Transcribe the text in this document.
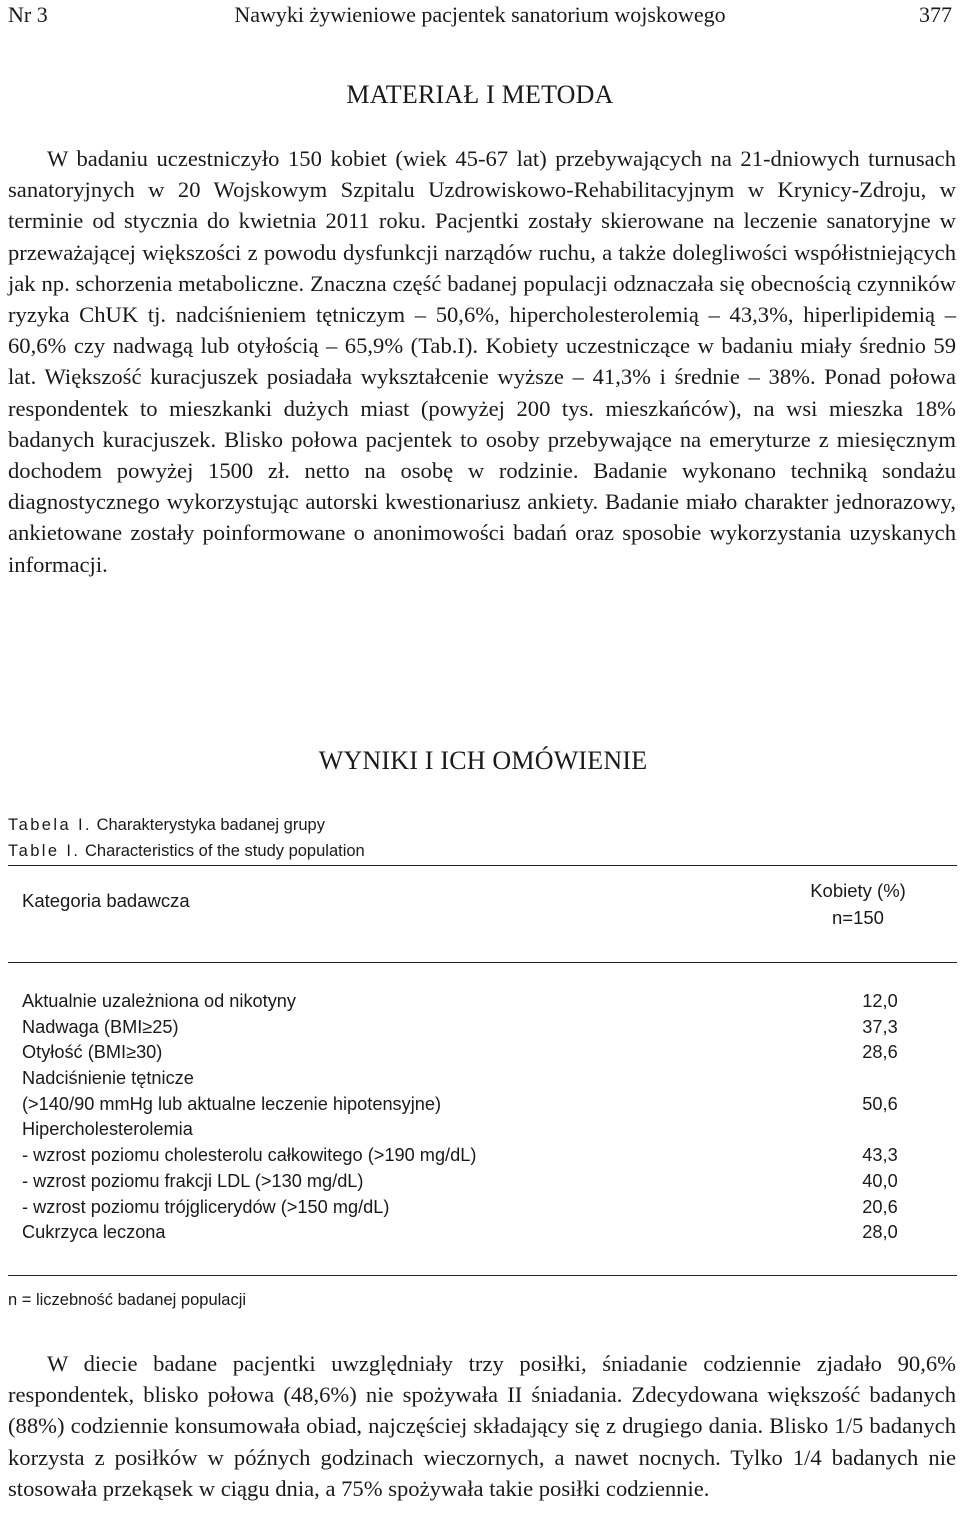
Nr 3	Nawyki żywieniowe pacjentek sanatorium wojskowego	377
MATERIAŁ I METODA

W badaniu uczestniczyło 150 kobiet (wiek 45-67 lat) przebywających na 21-dniowych turnusach sanatoryjnych w 20 Wojskowym Szpitalu Uzdrowiskowo-Rehabilitacyjnym w Krynicy-Zdroju, w terminie od stycznia do kwietnia 2011 roku. Pacjentki zostały skierowane na leczenie sanatoryjne w przeważającej większości z powodu dysfunkcji narządów ruchu, a także dolegliwości współistniejących jak np. schorzenia metaboliczne. Znaczna część badanej populacji odznaczała się obecnością czynników ryzyka ChUK tj. nadciśnieniem tętniczym – 50,6%, hipercholesterolemią – 43,3%, hiperlipidemią – 60,6% czy nadwagą lub otyłością – 65,9% (Tab.I). Kobiety uczestniczące w badaniu miały średnio 59 lat. Większość kuracjuszek posiadała wykształcenie wyższe – 41,3% i średnie – 38%. Ponad połowa respondentek to mieszkanki dużych miast (powyżej 200 tys. mieszkańców), na wsi mieszka 18% badanych kuracjuszek. Blisko połowa pacjentek to osoby przebywające na emeryturze z miesięcznym dochodem powyżej 1500 zł. netto na osobę w rodzinie. Badanie wykonano techniką sondażu diagnostycznego wykorzystując autorski kwestionariusz ankiety. Badanie miało charakter jednorazowy, ankietowane zostały poinformowane o anonimowości badań oraz sposobie wykorzystania uzyskanych informacji.

WYNIKI I ICH OMÓWIENIE
Tabela I. Charakterystyka badanej grupy
Table I. Characteristics of the study population
Kategoria badawcza	Kobiety (%)
n=150
Aktualnie uzależniona od nikotyny	12,0
Nadwaga (BMI≥25)	37,3
Otyłość (BMI≥30)	28,6
Nadciśnienie tętnicze
(>140/90 mmHg lub aktualne leczenie hipotensyjne)	50,6
Hipercholesterolemia
- wzrost poziomu cholesterolu całkowitego (>190 mg/dL)	43,3
- wzrost poziomu frakcji LDL (>130 mg/dL)	40,0
- wzrost poziomu trójglicerydów (>150 mg/dL)	20,6
Cukrzyca leczona	28,0
n = liczebność badanej populacji

W diecie badane pacjentki uwzględniały trzy posiłki, śniadanie codziennie zjadało 90,6% respondentek, blisko połowa (48,6%) nie spożywała II śniadania. Zdecydowana większość badanych (88%) codziennie konsumowała obiad, najczęściej składający się z drugiego dania. Blisko 1/5 badanych korzysta z posiłków w późnych godzinach wieczornych, a nawet nocnych. Tylko 1/4 badanych nie stosowała przekąsek w ciągu dnia, a 75% spożywała takie posiłki codziennie.
